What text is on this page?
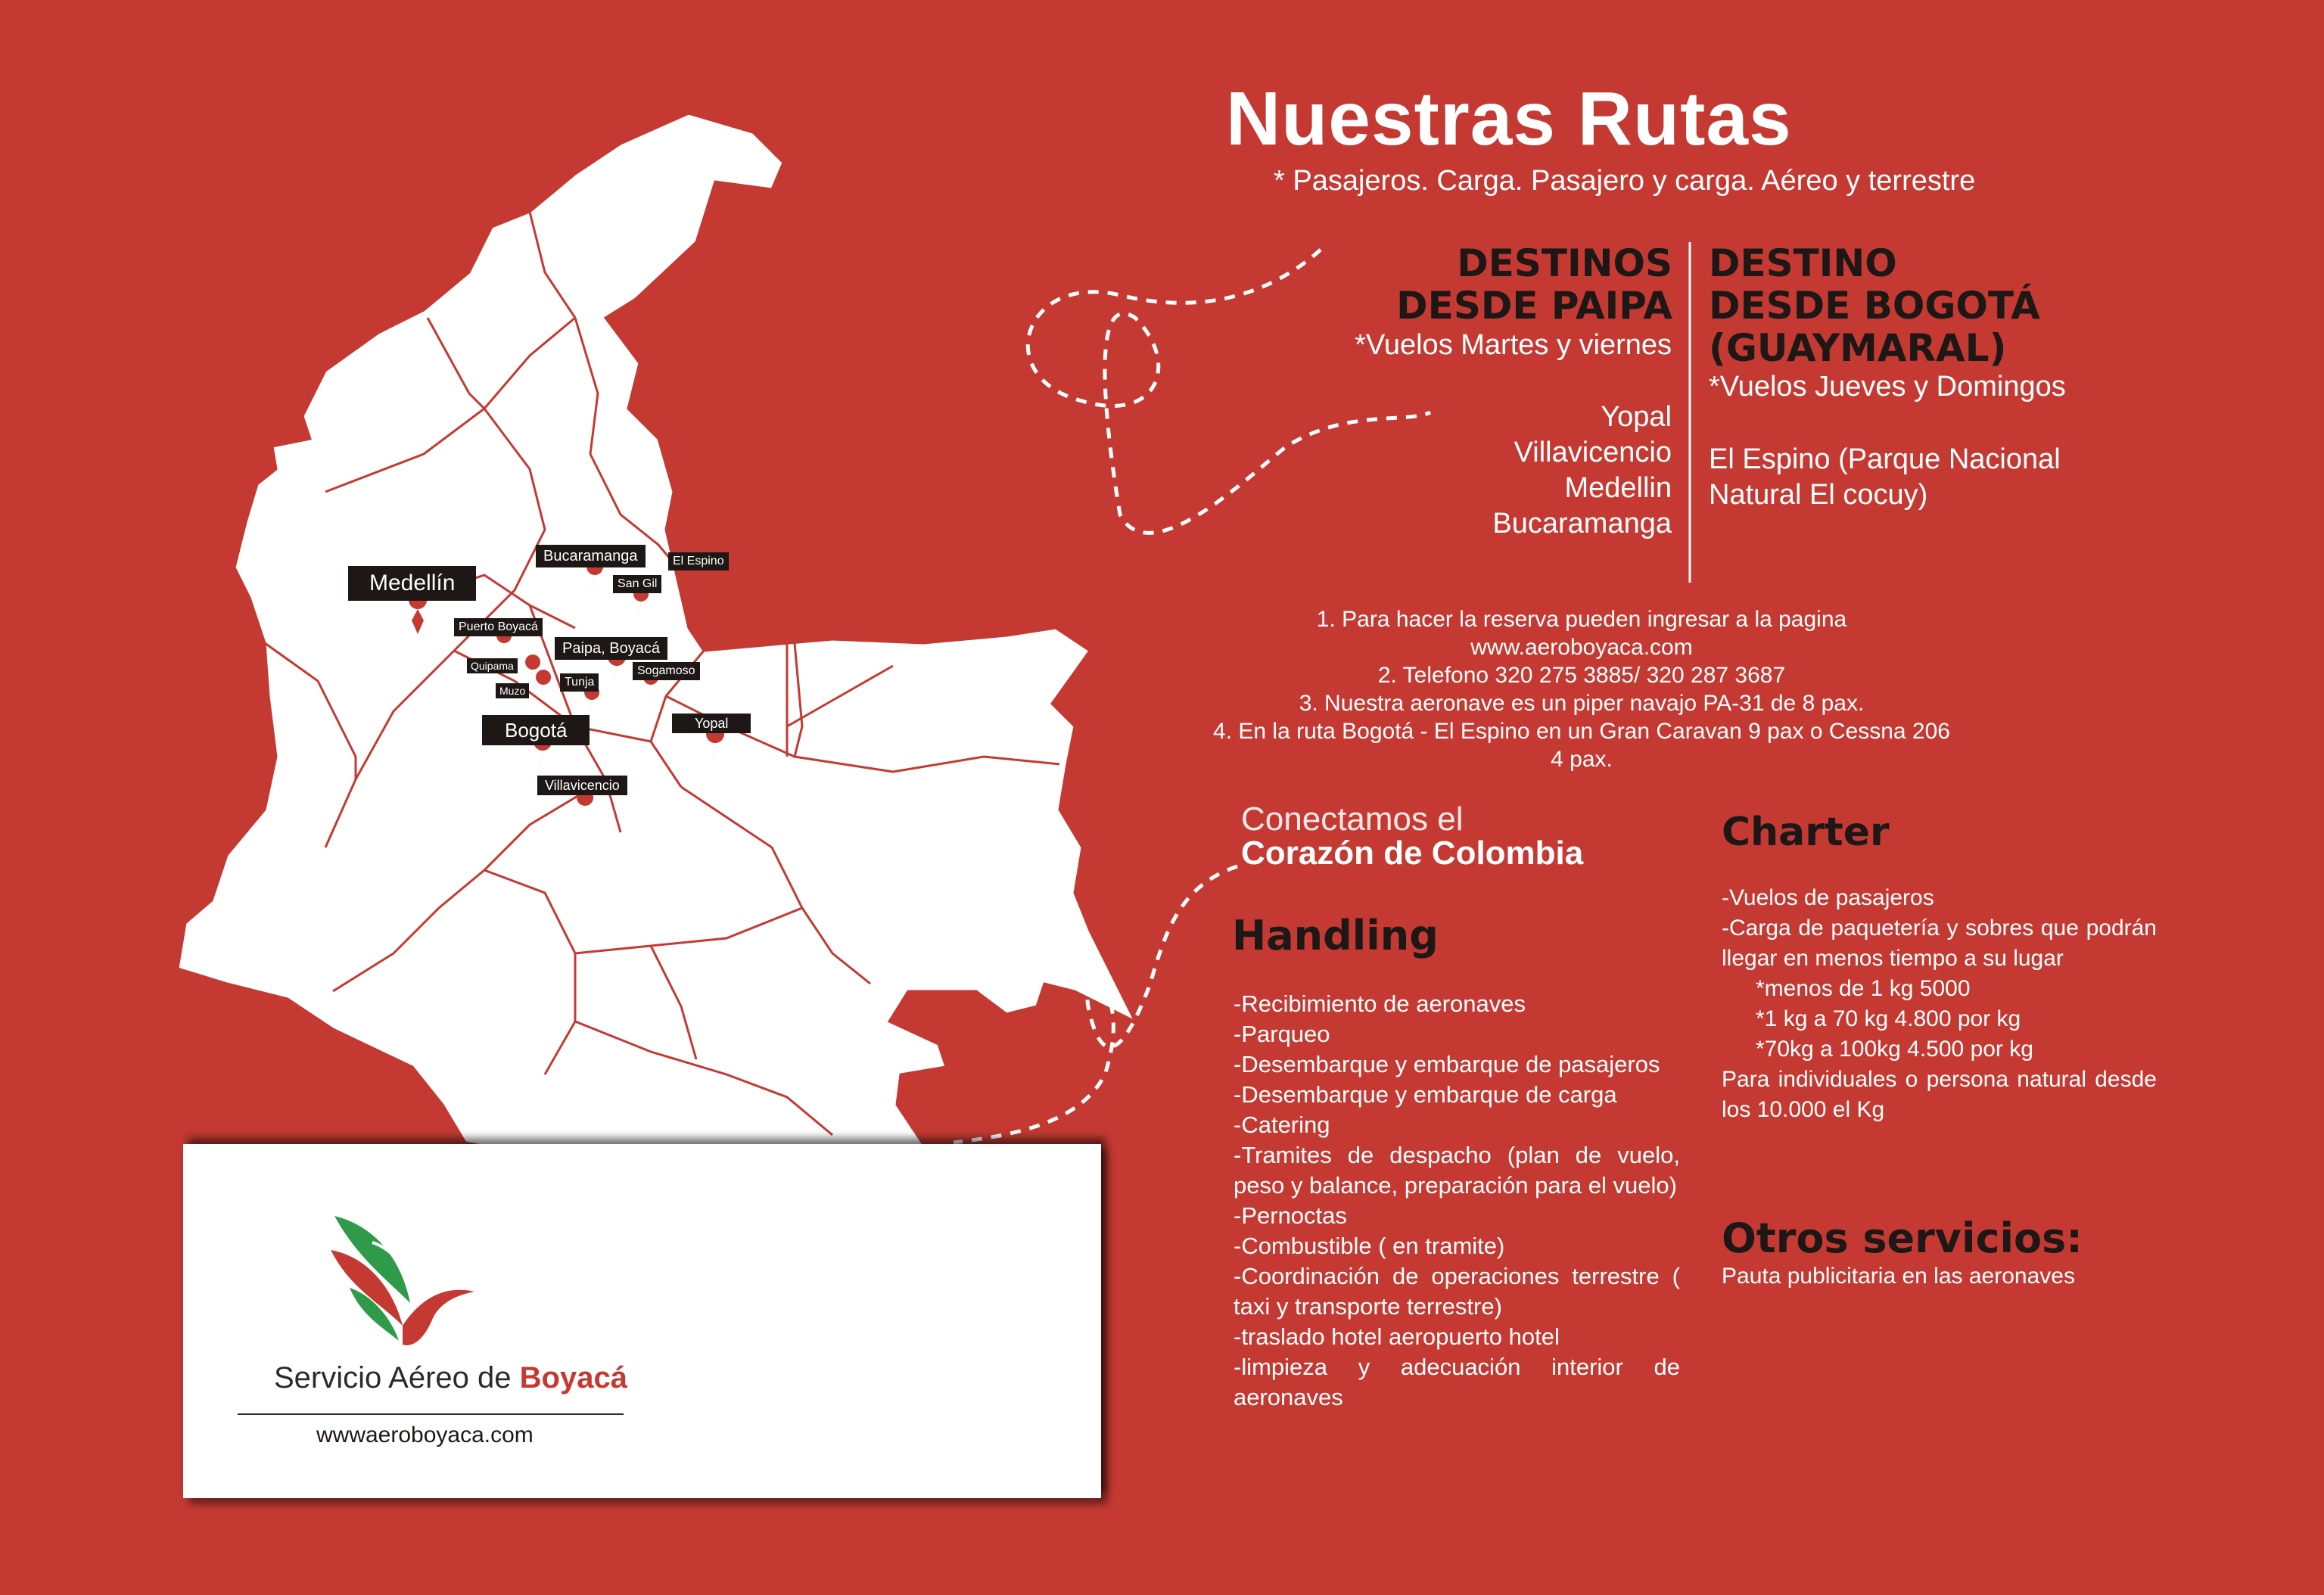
Medellín
Bucaramanga	El Espino
San Gil
Puerto Boyacá
Paipa, Boyacá
Quipama	Sogamoso
Tunja
Muzo
Bogotá	Yopal
Villavicencio
Nuestras Rutas
* Pasajeros. Carga. Pasajero y carga. Aéreo y terrestre
DESTINOS
DESDE PAIPA
*Vuelos Martes y viernes
Yopal
Villavicencio
Medellin
Bucaramanga
DESTINO
DESDE BOGOTÁ
(GUAYMARAL)
*Vuelos Jueves y Domingos
El Espino (Parque Nacional
Natural El cocuy)
1. Para hacer la reserva pueden ingresar a la pagina
www.aeroboyaca.com
2. Telefono 320 275 3885/ 320 287 3687
3. Nuestra aeronave es un piper navajo PA-31 de 8 pax.
4. En la ruta Bogotá - El Espino en un Gran Caravan 9 pax o Cessna 206
4 pax.
Conectamos el
Corazón de Colombia
Handling
-Recibimiento de aeronaves
-Parqueo
-Desembarque y embarque de pasajeros
-Desembarque y embarque de carga
-Catering
-Tramites de despacho (plan de vuelo, peso y balance, preparación para el vuelo)
-Pernoctas
-Combustible ( en tramite)
-Coordinación de operaciones terrestre ( taxi y transporte terrestre)
-traslado hotel aeropuerto hotel
-limpieza y adecuación interior de aeronaves
Charter
-Vuelos de pasajeros
-Carga de paquetería y sobres que podrán llegar en menos tiempo a su lugar
*menos de 1 kg 5000
*1 kg a 70 kg 4.800 por kg
*70kg a 100kg 4.500 por kg
Para individuales o persona natural desde los 10.000 el Kg
Otros servicios:
Pauta publicitaria en las aeronaves
Servicio Aéreo de Boyacá
wwwaeroboyaca.com
